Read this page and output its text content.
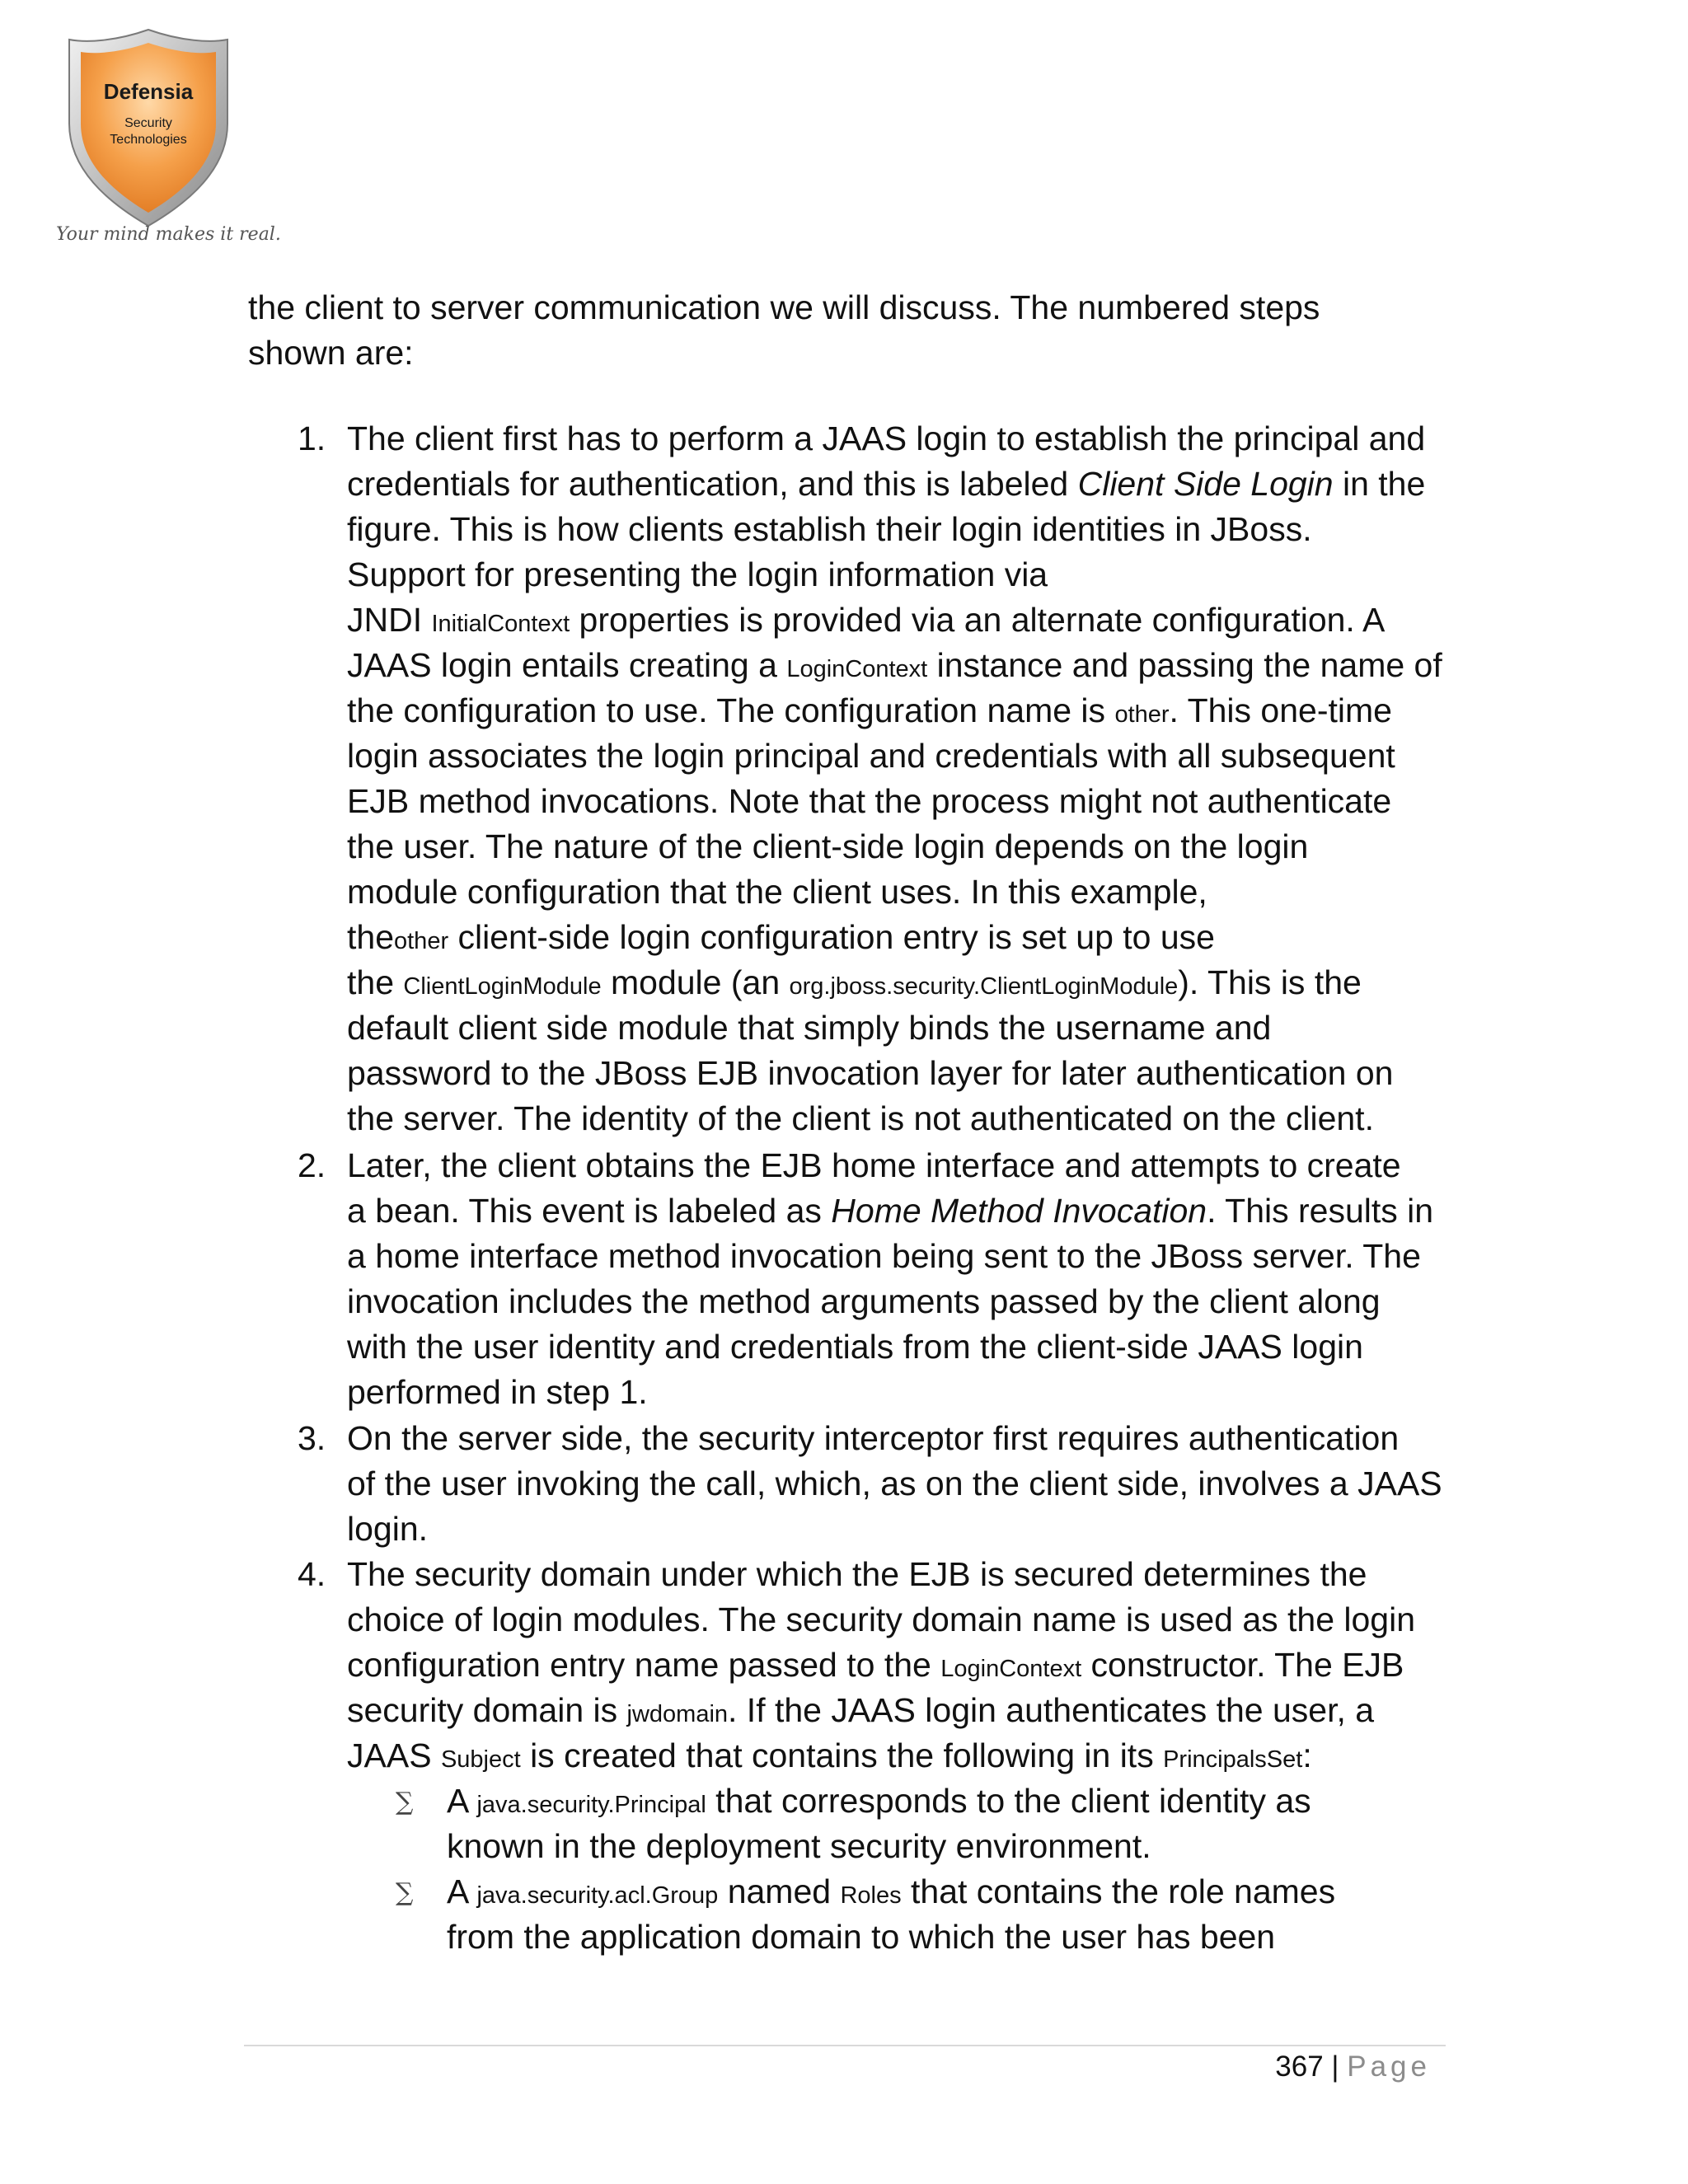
Defensia
Security
Technologies
Your mind makes it real.
the client to server communication we will discuss. The numbered steps
shown are:
1.
2.
3.
4.
The client first has to perform a JAAS login to establish the principal and
credentials for authentication, and this is labeled Client Side Login in the
figure. This is how clients establish their login identities in JBoss.
Support for presenting the login information via
JNDI InitialContext properties is provided via an alternate configuration. A
JAAS login entails creating a LoginContext instance and passing the name of
the configuration to use. The configuration name is other. This one-time
login associates the login principal and credentials with all subsequent
EJB method invocations. Note that the process might not authenticate
the user. The nature of the client-side login depends on the login
module configuration that the client uses. In this example,
theother client-side login configuration entry is set up to use
the ClientLoginModule module (an org.jboss.security.ClientLoginModule). This is the
default client side module that simply binds the username and
password to the JBoss EJB invocation layer for later authentication on
the server. The identity of the client is not authenticated on the client.
Later, the client obtains the EJB home interface and attempts to create
a bean. This event is labeled as Home Method Invocation. This results in
a home interface method invocation being sent to the JBoss server. The
invocation includes the method arguments passed by the client along
with the user identity and credentials from the client-side JAAS login
performed in step 1.
On the server side, the security interceptor first requires authentication
of the user invoking the call, which, as on the client side, involves a JAAS
login.
The security domain under which the EJB is secured determines the
choice of login modules. The security domain name is used as the login
configuration entry name passed to the LoginContext constructor. The EJB
security domain is jwdomain. If the JAAS login authenticates the user, a
JAAS Subject is created that contains the following in its PrincipalsSet:
∑ A java.security.Principal that corresponds to the client identity as
known in the deployment security environment.
∑ A java.security.acl.Group named Roles that contains the role names
from the application domain to which the user has been
367 | Page
